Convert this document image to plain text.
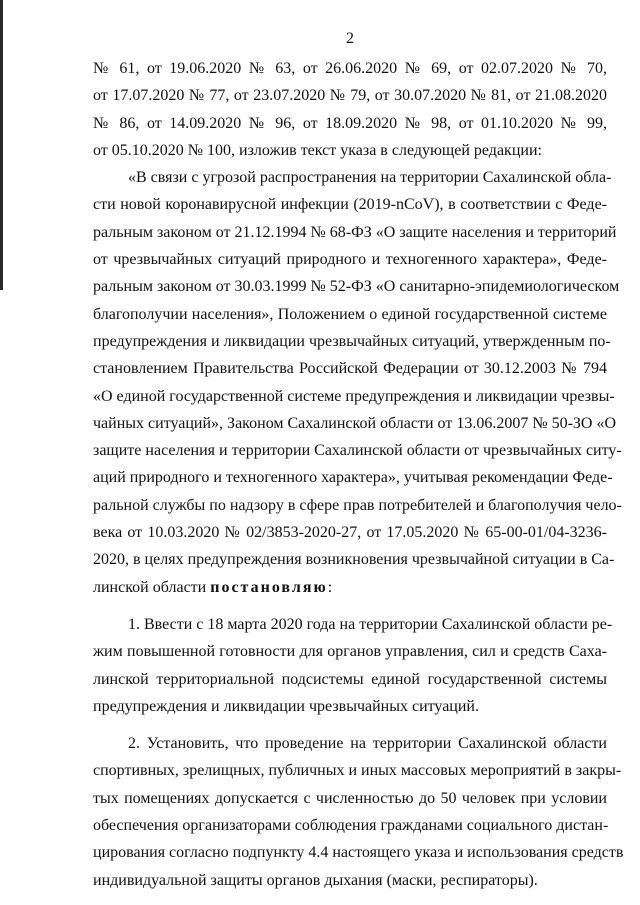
2
№ 61, от 19.06.2020 № 63, от 26.06.2020 № 69, от 02.07.2020 № 70,
от 17.07.2020 № 77, от 23.07.2020 № 79, от 30.07.2020 № 81, от 21.08.2020
№ 86, от 14.09.2020 № 96, от 18.09.2020 № 98, от 01.10.2020 № 99,
от 05.10.2020 № 100, изложив текст указа в следующей редакции:
«В связи с угрозой распространения на территории Сахалинской обла-
сти новой коронавирусной инфекции (2019-nCoV), в соответствии с Феде-
ральным законом от 21.12.1994 № 68-ФЗ «О защите населения и территорий
от чрезвычайных ситуаций природного и техногенного характера», Феде-
ральным законом от 30.03.1999 № 52-ФЗ «О санитарно-эпидемиологическом
благополучии населения», Положением о единой государственной системе
предупреждения и ликвидации чрезвычайных ситуаций, утвержденным по-
становлением Правительства Российской Федерации от 30.12.2003 № 794
«О единой государственной системе предупреждения и ликвидации чрезвы-
чайных ситуаций», Законом Сахалинской области от 13.06.2007 № 50-ЗО «О
защите населения и территории Сахалинской области от чрезвычайных ситу-
аций природного и техногенного характера», учитывая рекомендации Феде-
ральной службы по надзору в сфере прав потребителей и благополучия чело-
века от 10.03.2020 № 02/3853-2020-27, от 17.05.2020 № 65-00-01/04-3236-
2020, в целях предупреждения возникновения чрезвычайной ситуации в Са-
линской области постановляю:
1. Ввести с 18 марта 2020 года на территории Сахалинской области ре-
жим повышенной готовности для органов управления, сил и средств Саха-
линской территориальной подсистемы единой государственной системы
предупреждения и ликвидации чрезвычайных ситуаций.
2. Установить, что проведение на территории Сахалинской области
спортивных, зрелищных, публичных и иных массовых мероприятий в закры-
тых помещениях допускается с численностью до 50 человек при условии
обеспечения организаторами соблюдения гражданами социального дистан-
цирования согласно подпункту 4.4 настоящего указа и использования средств
индивидуальной защиты органов дыхания (маски, респираторы).
